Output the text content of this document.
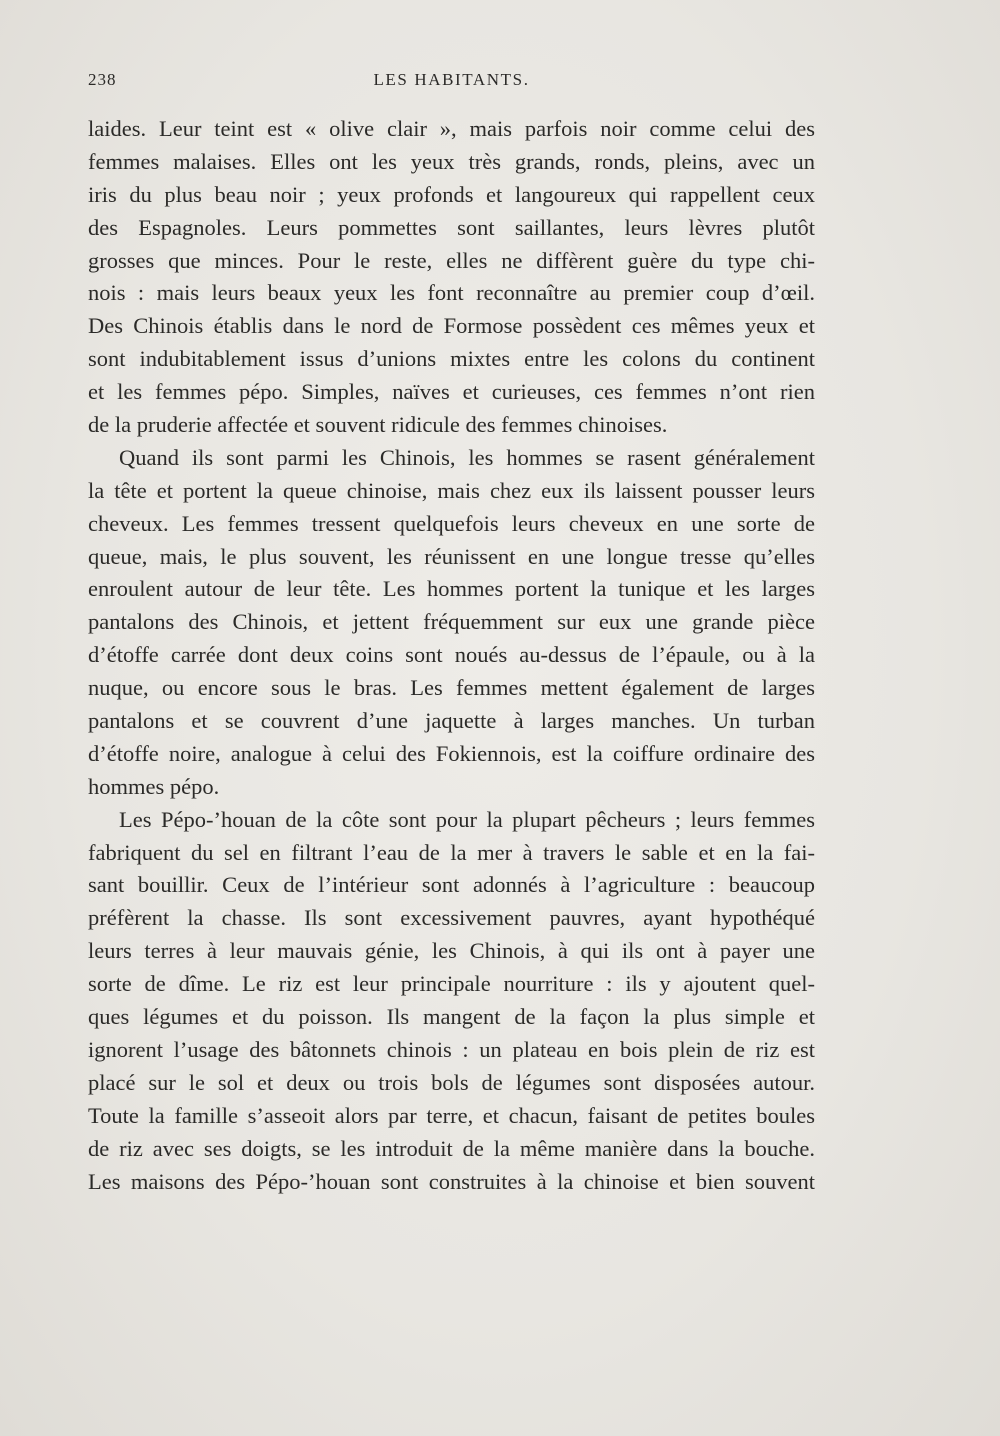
238	LES HABITANTS.
laides. Leur teint est « olive clair », mais parfois noir comme celui des
femmes malaises. Elles ont les yeux très grands, ronds, pleins, avec un
iris du plus beau noir ; yeux profonds et langoureux qui rappellent ceux
des Espagnoles. Leurs pommettes sont saillantes, leurs lèvres plutôt
grosses que minces. Pour le reste, elles ne diffèrent guère du type chi-
nois : mais leurs beaux yeux les font reconnaître au premier coup d’œil.
Des Chinois établis dans le nord de Formose possèdent ces mêmes yeux et
sont indubitablement issus d’unions mixtes entre les colons du continent
et les femmes pépo. Simples, naïves et curieuses, ces femmes n’ont rien
de la pruderie affectée et souvent ridicule des femmes chinoises.
Quand ils sont parmi les Chinois, les hommes se rasent généralement
la tête et portent la queue chinoise, mais chez eux ils laissent pousser leurs
cheveux. Les femmes tressent quelquefois leurs cheveux en une sorte de
queue, mais, le plus souvent, les réunissent en une longue tresse qu’elles
enroulent autour de leur tête. Les hommes portent la tunique et les larges
pantalons des Chinois, et jettent fréquemment sur eux une grande pièce
d’étoffe carrée dont deux coins sont noués au-dessus de l’épaule, ou à la
nuque, ou encore sous le bras. Les femmes mettent également de larges
pantalons et se couvrent d’une jaquette à larges manches. Un turban
d’étoffe noire, analogue à celui des Fokiennois, est la coiffure ordinaire des
hommes pépo.
Les Pépo-’houan de la côte sont pour la plupart pêcheurs ; leurs femmes
fabriquent du sel en filtrant l’eau de la mer à travers le sable et en la fai-
sant bouillir. Ceux de l’intérieur sont adonnés à l’agriculture : beaucoup
préfèrent la chasse. Ils sont excessivement pauvres, ayant hypothéqué
leurs terres à leur mauvais génie, les Chinois, à qui ils ont à payer une
sorte de dîme. Le riz est leur principale nourriture : ils y ajoutent quel-
ques légumes et du poisson. Ils mangent de la façon la plus simple et
ignorent l’usage des bâtonnets chinois : un plateau en bois plein de riz est
placé sur le sol et deux ou trois bols de légumes sont disposées autour.
Toute la famille s’asseoit alors par terre, et chacun, faisant de petites boules
de riz avec ses doigts, se les introduit de la même manière dans la bouche.
Les maisons des Pépo-’houan sont construites à la chinoise et bien souvent
